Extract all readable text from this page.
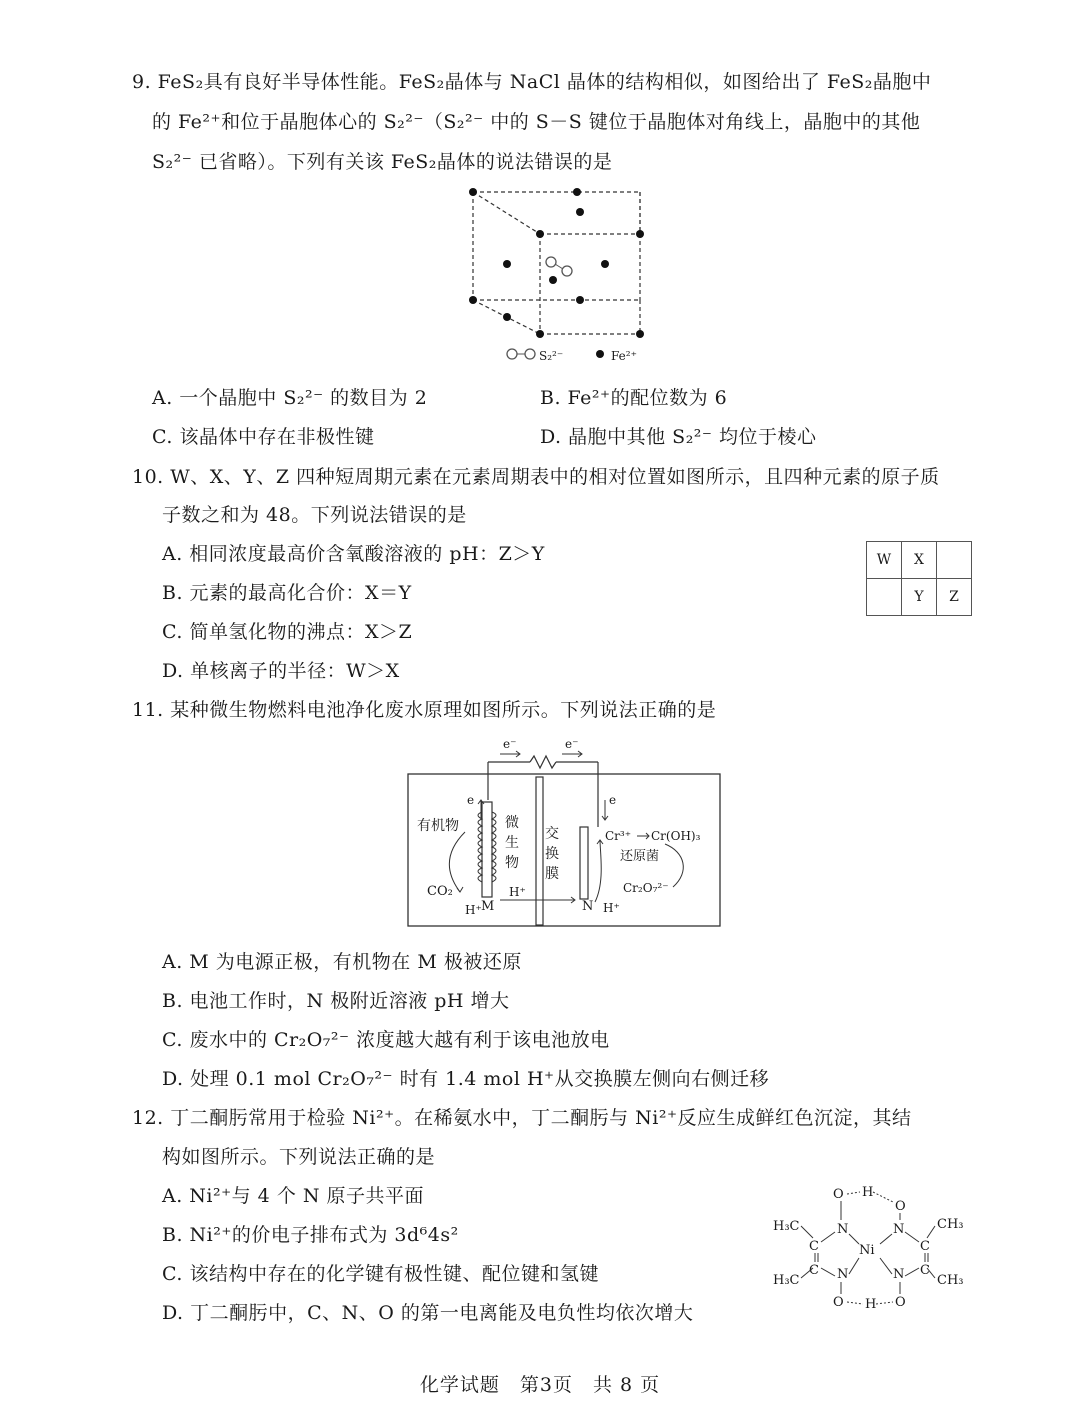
9. FeS₂具有良好半导体性能。FeS₂晶体与 NaCl 晶体的结构相似，如图给出了 FeS₂晶胞中
的 Fe²⁺和位于晶胞体心的 S₂²⁻（S₂²⁻ 中的 S－S 键位于晶胞体对角线上，晶胞中的其他
S₂²⁻ 已省略）。下列有关该 FeS₂晶体的说法错误的是
S₂²⁻	Fe²⁺
A. 一个晶胞中 S₂²⁻ 的数目为 2	B. Fe²⁺的配位数为 6
C. 该晶体中存在非极性键	D. 晶胞中其他 S₂²⁻ 均位于棱心
10. W、X、Y、Z 四种短周期元素在元素周期表中的相对位置如图所示，且四种元素的原子质
子数之和为 48。下列说法错误的是
A. 相同浓度最高价含氧酸溶液的 pH：Z＞Y
B. 元素的最高化合价：X＝Y
C. 简单氢化物的沸点：X＞Z
D. 单核离子的半径：W＞X
W	X	
	Y	Z
11. 某种微生物燃料电池净化废水原理如图所示。下列说法正确的是
e⁻	e⁻
e	e
有机物	微
生
物
交
换
膜
CO₂
H⁺ M
H⁺
N H⁺
Cr³⁺ Cr(OH)₃
还原菌
Cr₂O₇²⁻
A. M 为电源正极，有机物在 M 极被还原
B. 电池工作时，N 极附近溶液 pH 增大
C. 废水中的 Cr₂O₇²⁻ 浓度越大越有利于该电池放电
D. 处理 0.1 mol Cr₂O₇²⁻ 时有 1.4 mol H⁺从交换膜左侧向右侧迁移
12. 丁二酮肟常用于检验 Ni²⁺。在稀氨水中，丁二酮肟与 Ni²⁺反应生成鲜红色沉淀，其结
构如图所示。下列说法正确的是
A. Ni²⁺与 4 个 N 原子共平面
B. Ni²⁺的价电子排布式为 3d⁶4s²
C. 该结构中存在的化学键有极性键、配位键和氢键
D. 丁二酮肟中，C、N、O 的第一电离能及电负性均依次增大
O H
O
H₃C	N	N	CH₃
C	Ni	C
C	C
H₃C	N	N	CH₃
O H O
化学试题　第3页　共 8 页
